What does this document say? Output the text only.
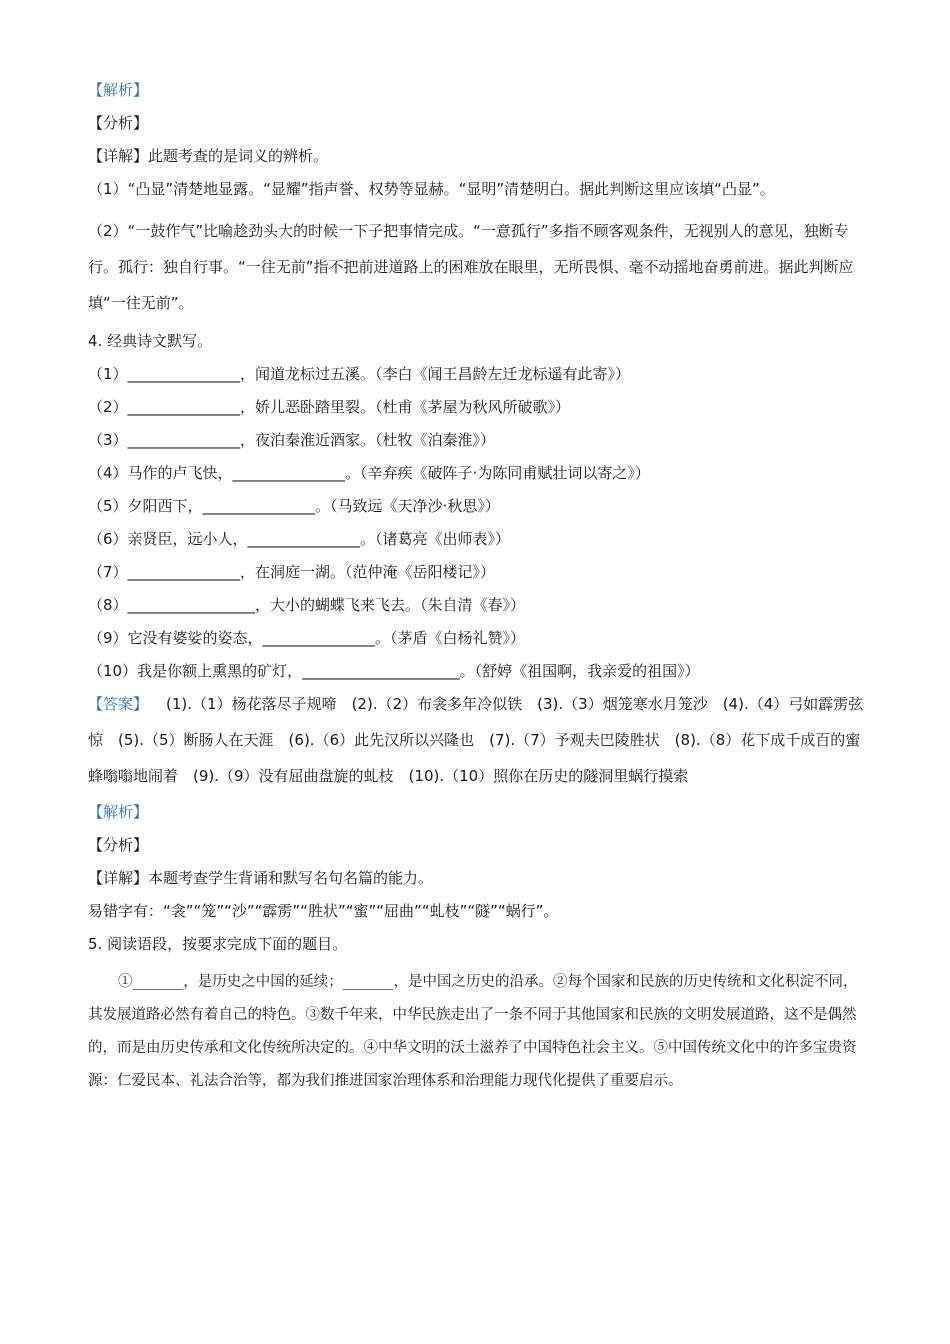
【解析】
【分析】
【详解】此题考查的是词义的辨析。
（1）“凸显”清楚地显露。“显耀”指声誉、权势等显赫。“显明”清楚明白。据此判断这里应该填“凸显”。
（2）“一鼓作气”比喻趁劲头大的时候一下子把事情完成。“一意孤行”多指不顾客观条件，无视别人的意见，独断专行。孤行：独自行事。“一往无前”指不把前进道路上的困难放在眼里，无所畏惧、毫不动摇地奋勇前进。据此判断应填“一往无前”。
4. 经典诗文默写。
（1）_______________，闻道龙标过五溪。（李白《闻王昌龄左迁龙标遥有此寄》）
（2）_______________，娇儿恶卧踏里裂。（杜甫《茅屋为秋风所破歌》）
（3）_______________，夜泊秦淮近酒家。（杜牧《泊秦淮》）
（4）马作的卢飞快，_______________。（辛弃疾《破阵子·为陈同甫赋壮词以寄之》）
（5）夕阳西下，_______________。（马致远《天净沙·秋思》）
（6）亲贤臣，远小人，_______________。（诸葛亮《出师表》）
（7）_______________，在洞庭一湖。（范仲淹《岳阳楼记》）
（8）_________________，大小的蝴蝶飞来飞去。（朱自清《春》）
（9）它没有婆娑的姿态，_______________。（茅盾《白杨礼赞》）
（10）我是你额上熏黑的矿灯，_____________________。（舒婷《祖国啊，我亲爱的祖国》）
【答案】 (1).（1）杨花落尽子规啼　(2).（2）布衾多年冷似铁　(3).（3）烟笼寒水月笼沙　(4).（4）弓如霹雳弦惊　(5).（5）断肠人在天涯　(6).（6）此先汉所以兴隆也　(7).（7）予观夫巴陵胜状　(8).（8）花下成千成百的蜜蜂嗡嗡地闹着　(9).（9）没有屈曲盘旋的虬枝　(10).（10）照你在历史的隧洞里蜗行摸索
【解析】
【分析】
【详解】本题考查学生背诵和默写名句名篇的能力。
易错字有：“衾”“笼”“沙”“霹雳”“胜状”“蜜”“屈曲”“虬枝”“隧”“蜗行”。
5. 阅读语段，按要求完成下面的题目。
①_______，是历史之中国的延续；_______，是中国之历史的沿承。②每个国家和民族的历史传统和文化积淀不同，其发展道路必然有着自己的特色。③数千年来，中华民族走出了一条不同于其他国家和民族的文明发展道路，这不是偶然的，而是由历史传承和文化传统所决定的。④中华文明的沃土滋养了中国特色社会主义。⑤中国传统文化中的许多宝贵资源：仁爱民本、礼法合治等，都为我们推进国家治理体系和治理能力现代化提供了重要启示。
